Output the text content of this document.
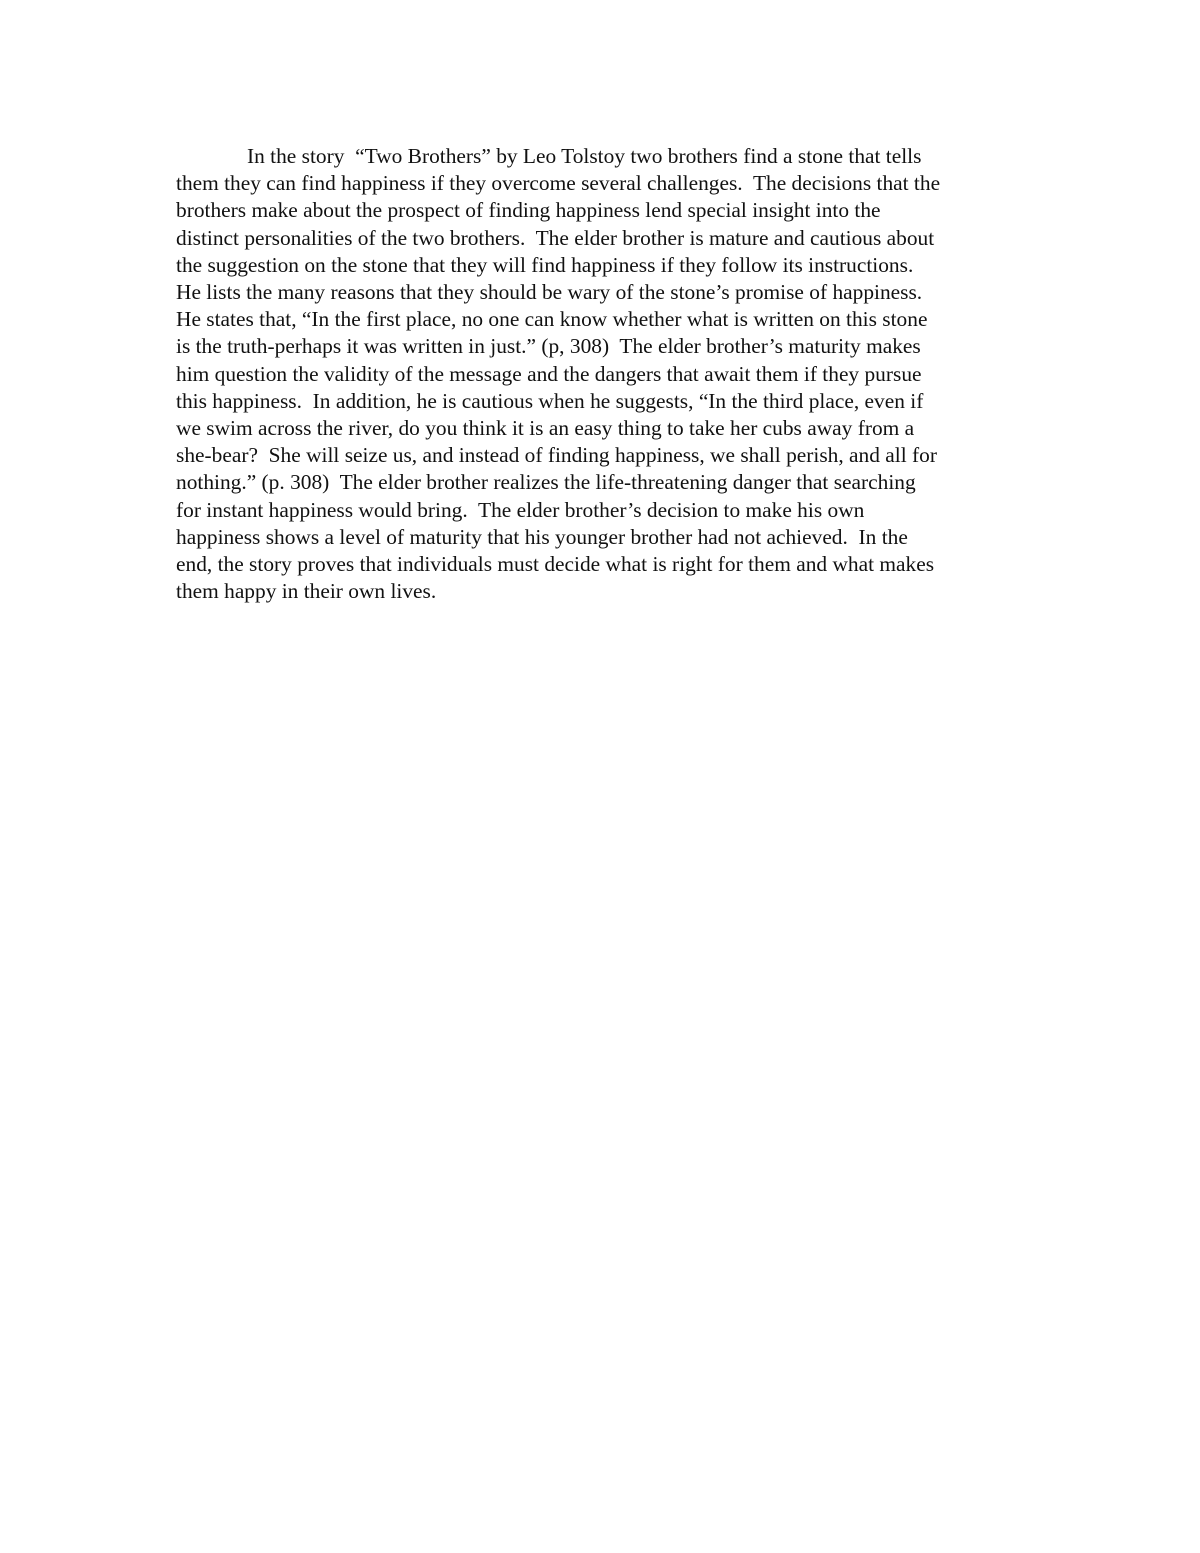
In the story  “Two Brothers” by Leo Tolstoy two brothers find a stone that tells
them they can find happiness if they overcome several challenges.  The decisions that the
brothers make about the prospect of finding happiness lend special insight into the
distinct personalities of the two brothers.  The elder brother is mature and cautious about
the suggestion on the stone that they will find happiness if they follow its instructions.
He lists the many reasons that they should be wary of the stone’s promise of happiness.
He states that, “In the first place, no one can know whether what is written on this stone
is the truth-perhaps it was written in just.” (p, 308)  The elder brother’s maturity makes
him question the validity of the message and the dangers that await them if they pursue
this happiness.  In addition, he is cautious when he suggests, “In the third place, even if
we swim across the river, do you think it is an easy thing to take her cubs away from a
she-bear?  She will seize us, and instead of finding happiness, we shall perish, and all for
nothing.” (p. 308)  The elder brother realizes the life-threatening danger that searching
for instant happiness would bring.  The elder brother’s decision to make his own
happiness shows a level of maturity that his younger brother had not achieved.  In the
end, the story proves that individuals must decide what is right for them and what makes
them happy in their own lives.
